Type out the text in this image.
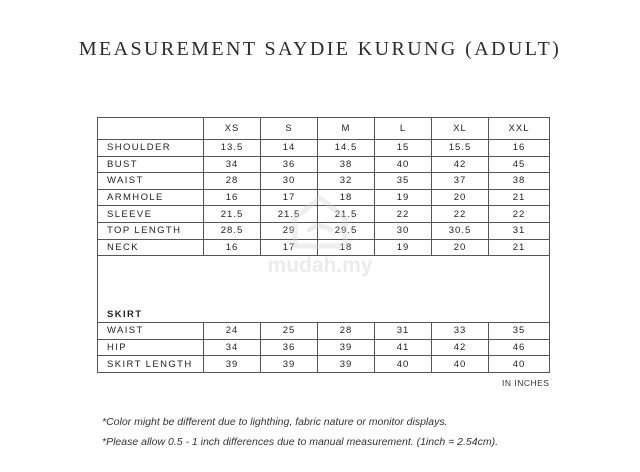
MEASUREMENT SAYDIE KURUNG (ADULT)
	XS	S	M	L	XL	XXL
SHOULDER	13.5	14	14.5	15	15.5	16
BUST	34	36	38	40	42	45
WAIST	28	30	32	35	37	38
ARMHOLE	16	17	18	19	20	21
SLEEVE	21.5	21.5	21.5	22	22	22
TOP LENGTH	28.5	29	29.5	30	30.5	31
NECK	16	17	18	19	20	21

SKIRT						
WAIST	24	25	28	31	33	35
HIP	34	36	39	41	42	46
SKIRT LENGTH	39	39	39	40	40	40
IN INCHES
*Color might be different due to lighthing, fabric nature or monitor displays.
*Please allow 0.5 - 1 inch differences due to manual measurement. (1inch = 2.54cm).
mudah.my
